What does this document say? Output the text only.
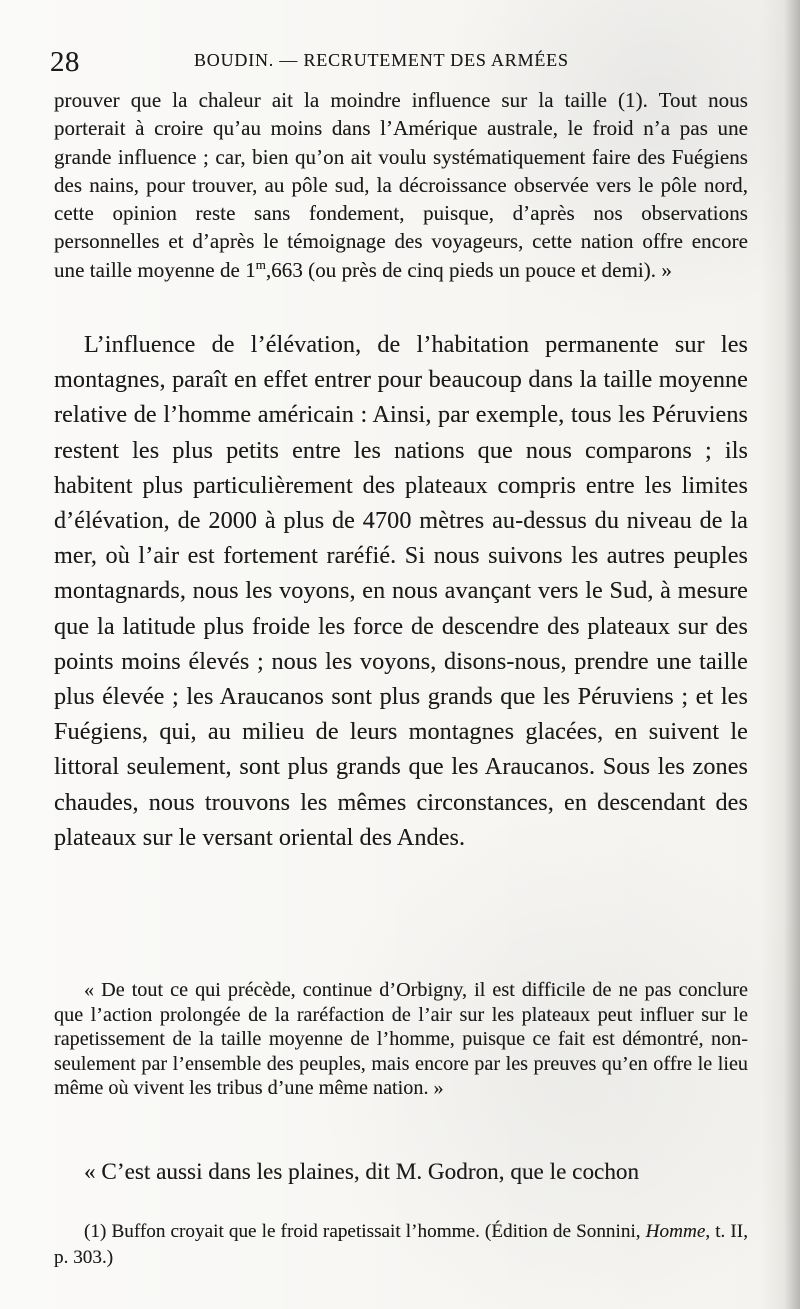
28	BOUDIN. — RECRUTEMENT DES ARMÉES

prouver que la chaleur ait la moindre influence sur la taille (1). Tout nous porterait à croire qu’au moins dans l’Amérique australe, le froid n’a pas une grande influence ; car, bien qu’on ait voulu systématiquement faire des Fuégiens des nains, pour trouver, au pôle sud, la décroissance observée vers le pôle nord, cette opinion reste sans fondement, puisque, d’après nos observations personnelles et d’après le témoignage des voyageurs, cette nation offre encore une taille moyenne de 1$^m$,663 (ou près de cinq pieds un pouce et demi). »

L’influence de l’élévation, de l’habitation permanente sur les montagnes, paraît en effet entrer pour beaucoup dans la taille moyenne relative de l’homme américain : Ainsi, par exemple, tous les Péruviens restent les plus petits entre les nations que nous comparons ; ils habitent plus particulièrement des plateaux compris entre les limites d’élévation, de 2000 à plus de 4700 mètres au-dessus du niveau de la mer, où l’air est fortement raréfié. Si nous suivons les autres peuples montagnards, nous les voyons, en nous avançant vers le Sud, à mesure que la latitude plus froide les force de descendre des plateaux sur des points moins élevés ; nous les voyons, disons-nous, prendre une taille plus élevée ; les Araucanos sont plus grands que les Péruviens ; et les Fuégiens, qui, au milieu de leurs montagnes glacées, en suivent le littoral seulement, sont plus grands que les Araucanos. Sous les zones chaudes, nous trouvons les mêmes circonstances, en descendant des plateaux sur le versant oriental des Andes.

« De tout ce qui précède, continue d’Orbigny, il est difficile de ne pas conclure que l’action prolongée de la raréfaction de l’air sur les plateaux peut influer sur le rapetissement de la taille moyenne de l’homme, puisque ce fait est démontré, non-seulement par l’ensemble des peuples, mais encore par les preuves qu’en offre le lieu même où vivent les tribus d’une même nation. »

« C’est aussi dans les plaines, dit M. Godron, que le cochon

(1) Buffon croyait que le froid rapetissait l’homme. (Édition de Sonnini, Homme, t. II, p. 303.)
